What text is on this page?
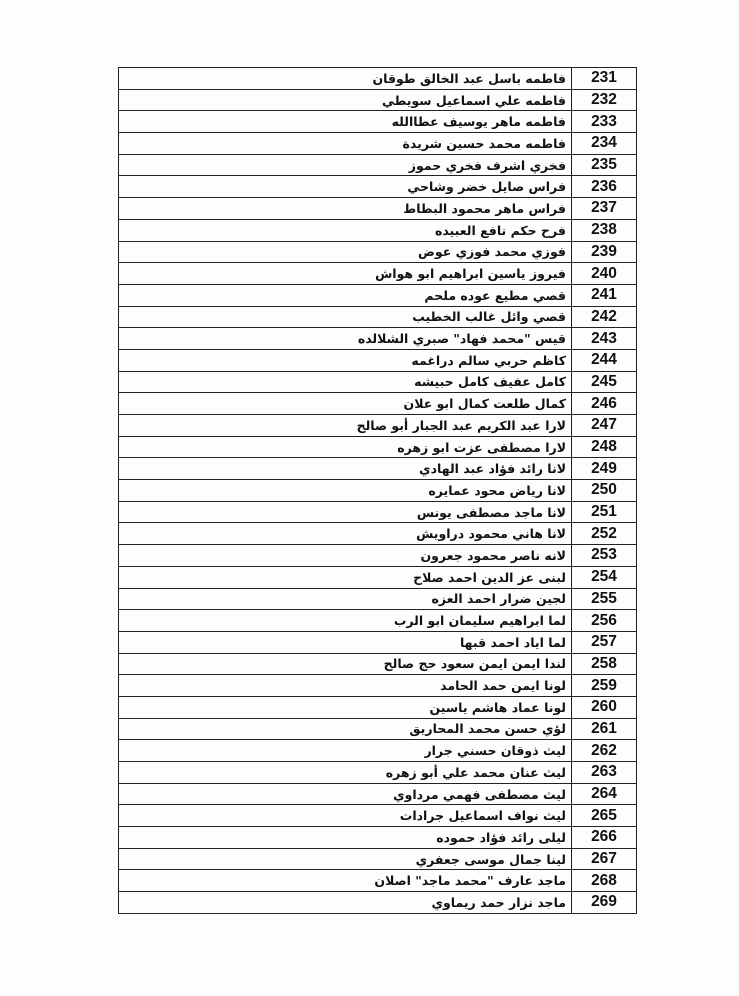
231	فاطمه باسل عبد الخالق طوقان
232	فاطمه علي اسماعيل سويطي
233	فاطمه ماهر يوسيف عطاالله
234	فاطمه محمد حسين شريدة
235	فخري اشرف فخري حموز
236	فراس صايل خضر وشاحي
237	فراس ماهر محمود البطاط
238	فرح حكم نافع العبيده
239	فوزي محمد فوزي عوض
240	فيروز ياسين ابراهيم ابو هواش
241	قصي مطيع عوده ملحم
242	قصي وائل غالب الخطيب
243	قيس "محمد فهاد" صبري الشلالده
244	كاظم حربي سالم دراغمه
245	كامل عفيف كامل حبيشه
246	كمال طلعت كمال ابو علان
247	لارا عبد الكريم عبد الجبار أبو صالح
248	لارا مصطفى عزت ابو زهره
249	لانا رائد فؤاد عبد الهادي
250	لانا رياض محود عمايره
251	لانا ماجد مصطفى يونس
252	لانا هاني محمود دراويش
253	لانه ناصر محمود جعرون
254	لبنى عز الدين احمد صلاح
255	لجين ضرار احمد العزه
256	لما ابراهيم سليمان ابو الرب
257	لما اياد احمد قبها
258	لندا ايمن ايمن سعود حج صالح
259	لونا ايمن حمد الحامد
260	لونا عماد هاشم ياسين
261	لؤي حسن محمد المحاريق
262	ليث ذوقان حسني جرار
263	ليث عنان محمد علي أبو زهره
264	ليث مصطفى فهمي مرداوي
265	ليث نواف اسماعيل جرادات
266	ليلى رائد فؤاد حموده
267	لينا جمال موسى جعفري
268	ماجد عارف "محمد ماجد" اصلان
269	ماجد نزار حمد ريماوي
